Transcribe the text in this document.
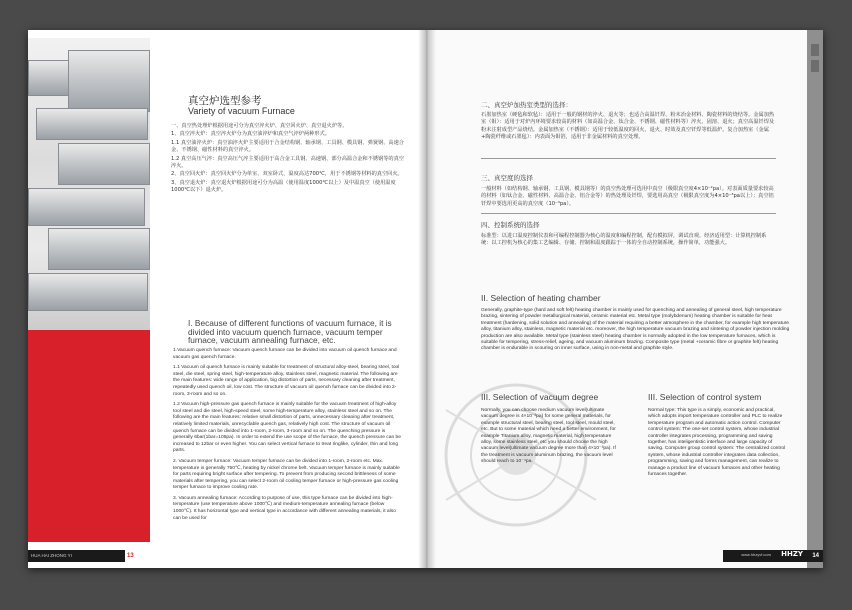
真空炉选型参考
Variety of vacuum Furnace

一、真空热处理炉根据用途可分为真空淬火炉、真空回火炉、真空退火炉等。

1、真空淬火炉：真空淬火炉分为真空油淬炉和真空气淬炉两种形式。

1.1 真空油淬火炉：真空油淬火炉主要适用于合金结构钢、轴承钢、工具钢、模具钢、弹簧钢、高速合金、不锈钢、磁性材料的真空淬火。

1.2 真空高压气淬：真空高压气淬主要适用于高合金工具钢、高速钢、部分高温合金和不锈钢等的真空淬火。

2、真空回火炉：真空回火炉分为单室、双室卧式，温度高达700℃，用于不锈钢等材料的真空回火。

3、真空退火炉：真空退火炉根据用途可分为高温（使用温度1000℃以上）及中温真空（使用温度1000℃以下）退火炉。

I. Because of different functions of vacuum furnace, it is divided into vacuum quench furnace, vacuum temper furnace, vacuum annealing furnace, etc.

1.Vacuum quench furnace: Vacuum quench furnace can be divided into vacuum oil quench furnace and vacuum gas quench furnace.

1.1 Vacuum oil quench furnace is mainly suitable for treatment of structural alloy-steel, bearing steel, tool steel, die steel, spring steel, high-temperature alloy, stainless steel, magnetic material. The following are the main features: wide range of application, big distortion of parts, necessary cleaning after treatment, repeatedly used quench oil, low cost. The structure of vacuum oil quench furnace can be divided into 2-room, 3-room and so on.

1.2 Vacuum high-pressure gas quench furnace is mainly suitable for the vacuum treatment of high-alloy tool steel and die steel, high-speed steel, some high-temperature alloy, stainless steel and so on. The following are the main features: relative small distortion of parts, unnecessary cleaning after treatment, relatively limited materials, unrecyclable quench gas, relatively high cost. The structure of vacuum oil quench furnace can be divided into 1-room, 2-room, 3-room and so on. The quenching pressure is generally 6bar(1bar=105pa). In order to extend the use scope of the furnace, the quench pressure can be increased to 12bar or even higher. You can select vertical furnace to treat ringlike, cylinder, thin and long parts.

2. Vacuum temper furnace: Vacuum temper furnace can be divided into 1-room, 2-room etc. Max. temperature is generally 750℃, heating by nickel chrome belt. Vacuum temper furnace is mainly suitable for parts requiring bright surface after tempering. To prevent from producing second brittleness of some materials after tempering, you can select 2-room oil cooling temper furnace or high-pressure gas cooling temper furnace to improve cooling rate.

3. Vacuum annealing furnace: According to purpose of use, this type furnace can be divided into high-temperature (use temperature above 1000℃) and medium-temperature annealing furnace (below 1000℃). It has horizontal type and vertical type in accordance with different annealing materials, it also can be used for

HUA HAI ZHONG YI	13
二、真空炉加热室类型的选择：
石墨加热室（硬毡和软毡）：适用于一般的钢材的淬火、退火等；也适合高温钎焊、粉末冶金材料、陶瓷材料的烧结等。金属加热室（钼）：适用于对炉内环境要求较高的材料（如高温合金、钛合金、不锈钢、磁性材料等）淬火、固溶、退火；真空高温钎焊及粉末注射成型产品烧结。金属加热室（不锈钢）：适用于较低温度的回火、退火、时效及真空钎焊等低温炉。复合加热室（金属+陶瓷纤维或石墨毡）：内表面为钼箔，适用于非金属材料的真空处理。
三、真空度的选择
一般材料（如结构钢、轴承钢、工具钢、模具钢等）的真空热处理可选用中真空（极限真空度4×10⁻²pa）。对表面质量要求较高的材料（如钛合金、磁性材料、高温合金、铝合金等）的热处理及钎焊，要选用高真空（极限真空度为4×10⁻³pa以上）；真空铝钎焊中要选用更高的真空度（10⁻⁴pa）。
四、控制系统的选择
标准型：以进口温度控制仪表和可编程控制器为核心的温度和编程控制，配有模拟屏，调试直观。经济适用型：计算机控制系统：以工控机为核心的集工艺编辑、存储、控制和温度跟踪于一体的全自动控制系统，操作简单，功能强大。
II. Selection of heating chamber
Generally, graphite-type (hard and soft felt) heating chamber is mainly used for quenching and annealing of general steel, high temperature brazing, sintering of powder metallurgical material, ceramic material etc. Metal type (molybdenum) heating chamber is suitable for heat treatment (hardening, solid solution and annealing) of the material requiring a better atmosphere in the chamber, for example high temperature alloy, titanium alloy, stainless, magnetic material etc. moreover, the high temperature vacuum brazing and sintering of powder injection molding production are also available. Metal type (stainless steel) heating chamber is normally adopted in the low temperature furnaces, which is suitable for tempering, stress-relief, ageing, and vacuum aluminum brazing. Composite type (metal +ceramic fibre or graphite felt) heating chamber is endurable in scouring on inner surface, using in non-metal and graphite style.
III. Selection of vacuum degree
Normally, you can choose medium vacuum level(ultimate vacuum degree is 4×10⁻²pa) for some general materials, for example structural steel, bearing steel, tool steel, mould steel, etc. But to some material which need a better environment, for example Titanium alloy, magnetic material, high temperature alloy, some stainless steel, etc you should choose the high vacuum level(ultimate vacuum degree more than 4×10⁻³pa). If the treatment is vacuum aluminum brazing, the vacuum level should reach to 10⁻⁴pa.
III. Selection of control system
Normal type: This type is a simply, economic and practical, which adopts import temperature controller and PLC to realize temperature program and automatic action control. Computer control system: The one-set control system, whose industrial controller integrates processing, programming and saving together, has inteligentistic interface and large capacity of saving. Computer group control system: The centralized control system, whose industrial controller integrates data collection, programming, saving and forms management, can realize to manage a product line of vacuum furnaces and other heating furnaces together.
www.hhzyvf.com HHZY 14
